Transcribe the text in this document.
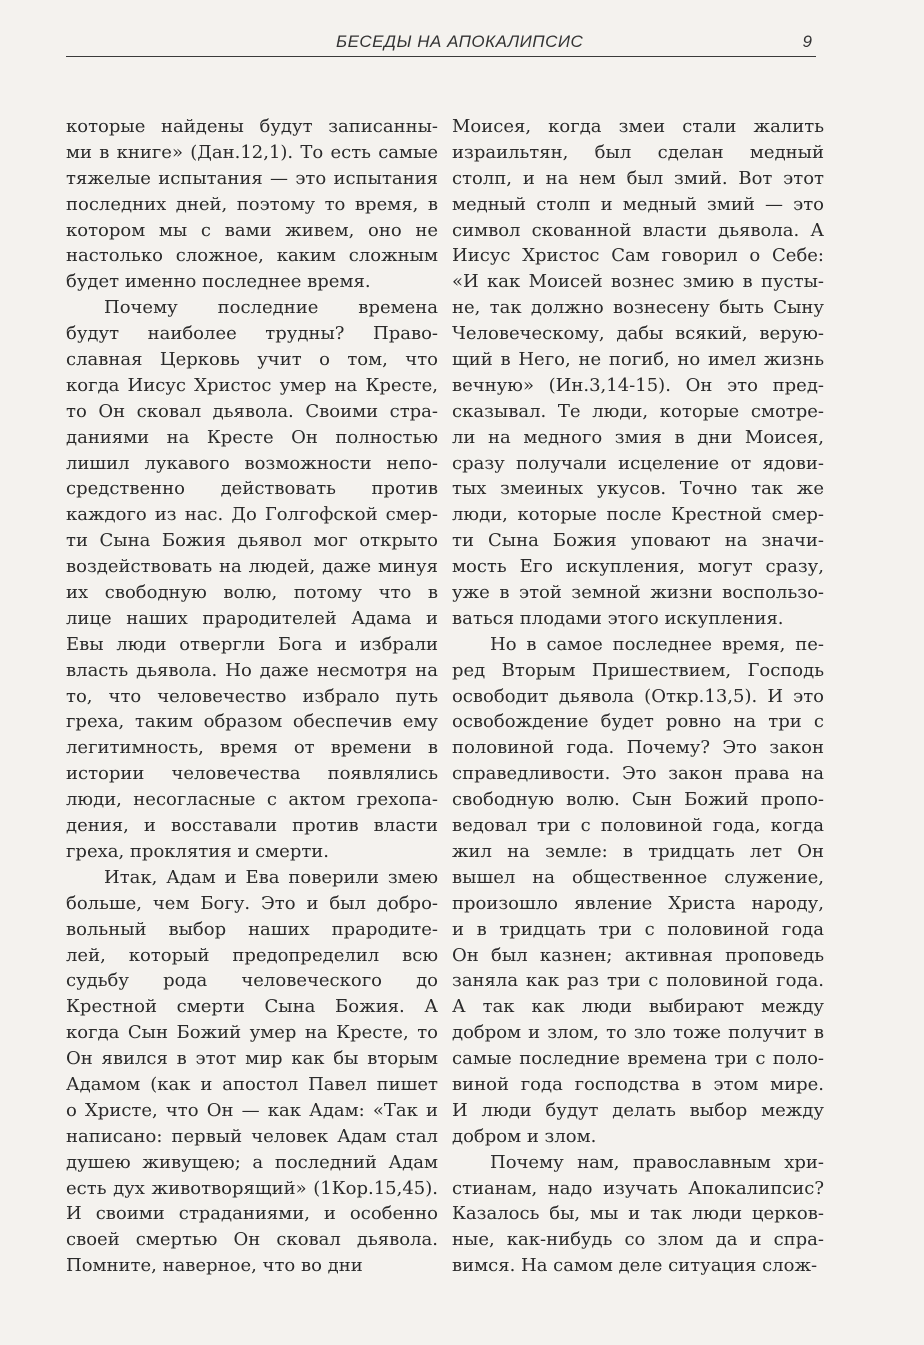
БЕСЕДЫ НА АПОКАЛИПСИС	9
которые найдены будут записанны-
ми в книге» (Дан.12,1). То есть самые
тяжелые испытания — это испытания
последних дней, поэтому то время, в
котором мы с вами живем, оно не
настолько сложное, каким сложным
будет именно последнее время.
Почему последние времена
будут наиболее трудны? Право-
славная Церковь учит о том, что
когда Иисус Христос умер на Кресте,
то Он сковал дьявола. Своими стра-
даниями на Кресте Он полностью
лишил лукавого возможности непо-
средственно действовать против
каждого из нас. До Голгофской смер-
ти Сына Божия дьявол мог открыто
воздействовать на людей, даже минуя
их свободную волю, потому что в
лице наших прародителей Адама и
Евы люди отвергли Бога и избрали
власть дьявола. Но даже несмотря на
то, что человечество избрало путь
греха, таким образом обеспечив ему
легитимность, время от времени в
истории человечества появлялись
люди, несогласные с актом грехопа-
дения, и восставали против власти
греха, проклятия и смерти.
Итак, Адам и Ева поверили змею
больше, чем Богу. Это и был добро-
вольный выбор наших прародите-
лей, который предопределил всю
судьбу рода человеческого до
Крестной смерти Сына Божия. А
когда Сын Божий умер на Кресте, то
Он явился в этот мир как бы вторым
Адамом (как и апостол Павел пишет
о Христе, что Он — как Адам: «Так и
написано: первый человек Адам стал
душею живущею; а последний Адам
есть дух животворящий» (1Кор.15,45).
И своими страданиями, и особенно
своей смертью Он сковал дьявола.
Помните, наверное, что во дни
Моисея, когда змеи стали жалить
израильтян, был сделан медный
столп, и на нем был змий. Вот этот
медный столп и медный змий — это
символ скованной власти дьявола. А
Иисус Христос Сам говорил о Себе:
«И как Моисей вознес змию в пусты-
не, так должно вознесену быть Сыну
Человеческому, дабы всякий, верую-
щий в Него, не погиб, но имел жизнь
вечную» (Ин.3,14-15). Он это пред-
сказывал. Те люди, которые смотре-
ли на медного змия в дни Моисея,
сразу получали исцеление от ядови-
тых змеиных укусов. Точно так же
люди, которые после Крестной смер-
ти Сына Божия уповают на значи-
мость Его искупления, могут сразу,
уже в этой земной жизни воспользо-
ваться плодами этого искупления.
Но в самое последнее время, пе-
ред Вторым Пришествием, Господь
освободит дьявола (Откр.13,5). И это
освобождение будет ровно на три с
половиной года. Почему? Это закон
справедливости. Это закон права на
свободную волю. Сын Божий пропо-
ведовал три с половиной года, когда
жил на земле: в тридцать лет Он
вышел на общественное служение,
произошло явление Христа народу,
и в тридцать три с половиной года
Он был казнен; активная проповедь
заняла как раз три с половиной года.
А так как люди выбирают между
добром и злом, то зло тоже получит в
самые последние времена три с поло-
виной года господства в этом мире.
И люди будут делать выбор между
добром и злом.
Почему нам, православным хри-
стианам, надо изучать Апокалипсис?
Казалось бы, мы и так люди церков-
ные, как-нибудь со злом да и спра-
вимся. На самом деле ситуация слож-
